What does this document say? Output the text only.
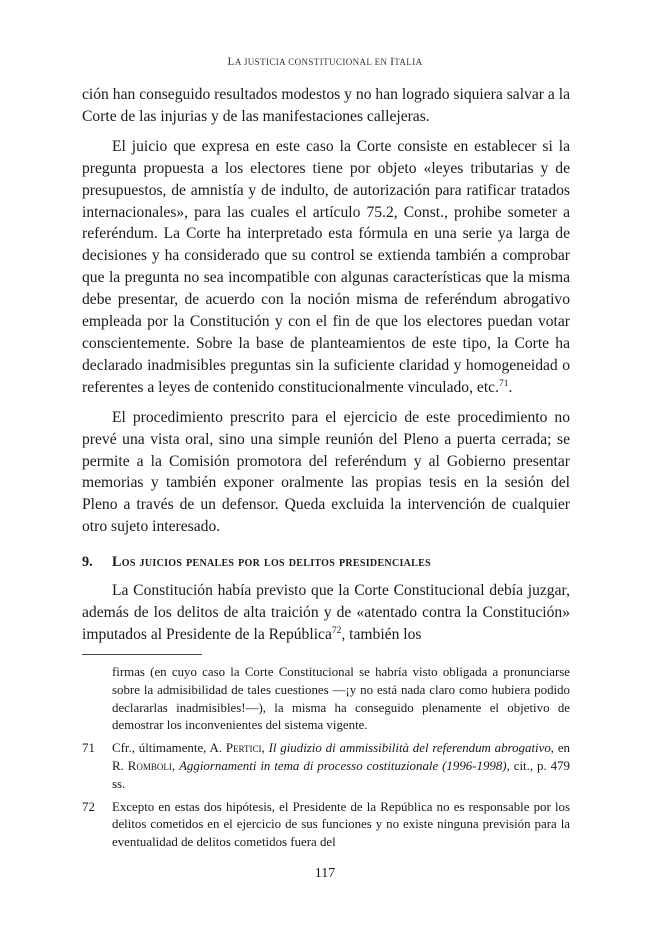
LA JUSTICIA CONSTITUCIONAL EN ITALIA

ción han conseguido resultados modestos y no han logrado siquiera salvar a la Corte de las injurias y de las manifestaciones callejeras.

El juicio que expresa en este caso la Corte consiste en establecer si la pregunta propuesta a los electores tiene por objeto «leyes tributarias y de presupuestos, de amnistía y de indulto, de autorización para ratificar tratados internacionales», para las cuales el artículo 75.2, Const., prohibe someter a referéndum. La Corte ha interpretado esta fórmula en una serie ya larga de decisiones y ha considerado que su control se extienda también a comprobar que la pregunta no sea incompatible con algunas características que la misma debe presentar, de acuerdo con la noción misma de referéndum abrogativo empleada por la Constitución y con el fin de que los electores puedan votar conscientemente. Sobre la base de planteamientos de este tipo, la Corte ha declarado inadmisibles preguntas sin la suficiente claridad y homogeneidad o referentes a leyes de contenido constitucionalmente vinculado, etc.$^{71}$.

El procedimiento prescrito para el ejercicio de este procedimiento no prevé una vista oral, sino una simple reunión del Pleno a puerta cerrada; se permite a la Comisión promotora del referéndum y al Gobierno presentar memorias y también exponer oralmente las propias tesis en la sesión del Pleno a través de un defensor. Queda excluida la intervención de cualquier otro sujeto interesado.

9.	Los juicios penales por los delitos presidenciales

La Constitución había previsto que la Corte Constitucional debía juzgar, además de los delitos de alta traición y de «atentado contra la Constitución» imputados al Presidente de la República$^{72}$, también los

firmas (en cuyo caso la Corte Constitucional se habría visto obligada a pronunciarse sobre la admisibilidad de tales cuestiones —¡y no está nada claro como hubiera podido declararlas inadmisibles!—), la misma ha conseguido plenamente el objetivo de demostrar los inconvenientes del sistema vigente.
71	Cfr., últimamente, A. Pertici, Il giudizio di ammissibilità del referendum abrogativo, en R. Romboli, Aggiornamenti in tema di processo costituzionale (1996-1998), cit., p. 479 ss.
72	Excepto en estas dos hipótesis, el Presidente de la República no es responsable por los delitos cometidos en el ejercicio de sus funciones y no existe ninguna previsión para la eventualidad de delitos cometidos fuera del
117
